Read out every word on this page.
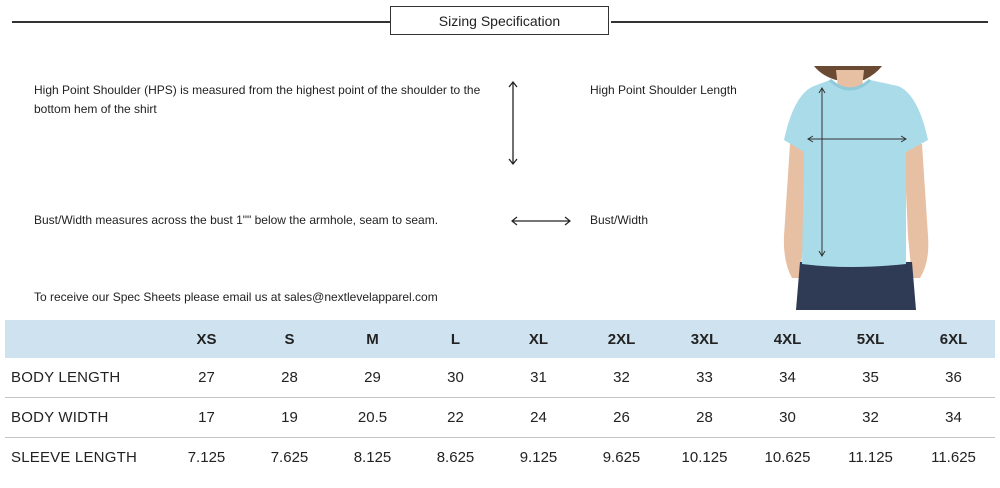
Sizing Specification
High Point Shoulder (HPS) is measured from the highest point of the shoulder to the bottom hem of the shirt
High Point Shoulder Length
Bust/Width measures across the bust 1"" below the armhole, seam to seam.	Bust/Width
To receive our Spec Sheets please email us at sales@nextlevelapparel.com
	XS	S	M	L	XL	2XL	3XL	4XL	5XL	6XL
BODY LENGTH	27	28	29	30	31	32	33	34	35	36
BODY WIDTH	17	19	20.5	22	24	26	28	30	32	34
SLEEVE LENGTH	7.125	7.625	8.125	8.625	9.125	9.625	10.125	10.625	11.125	11.625
